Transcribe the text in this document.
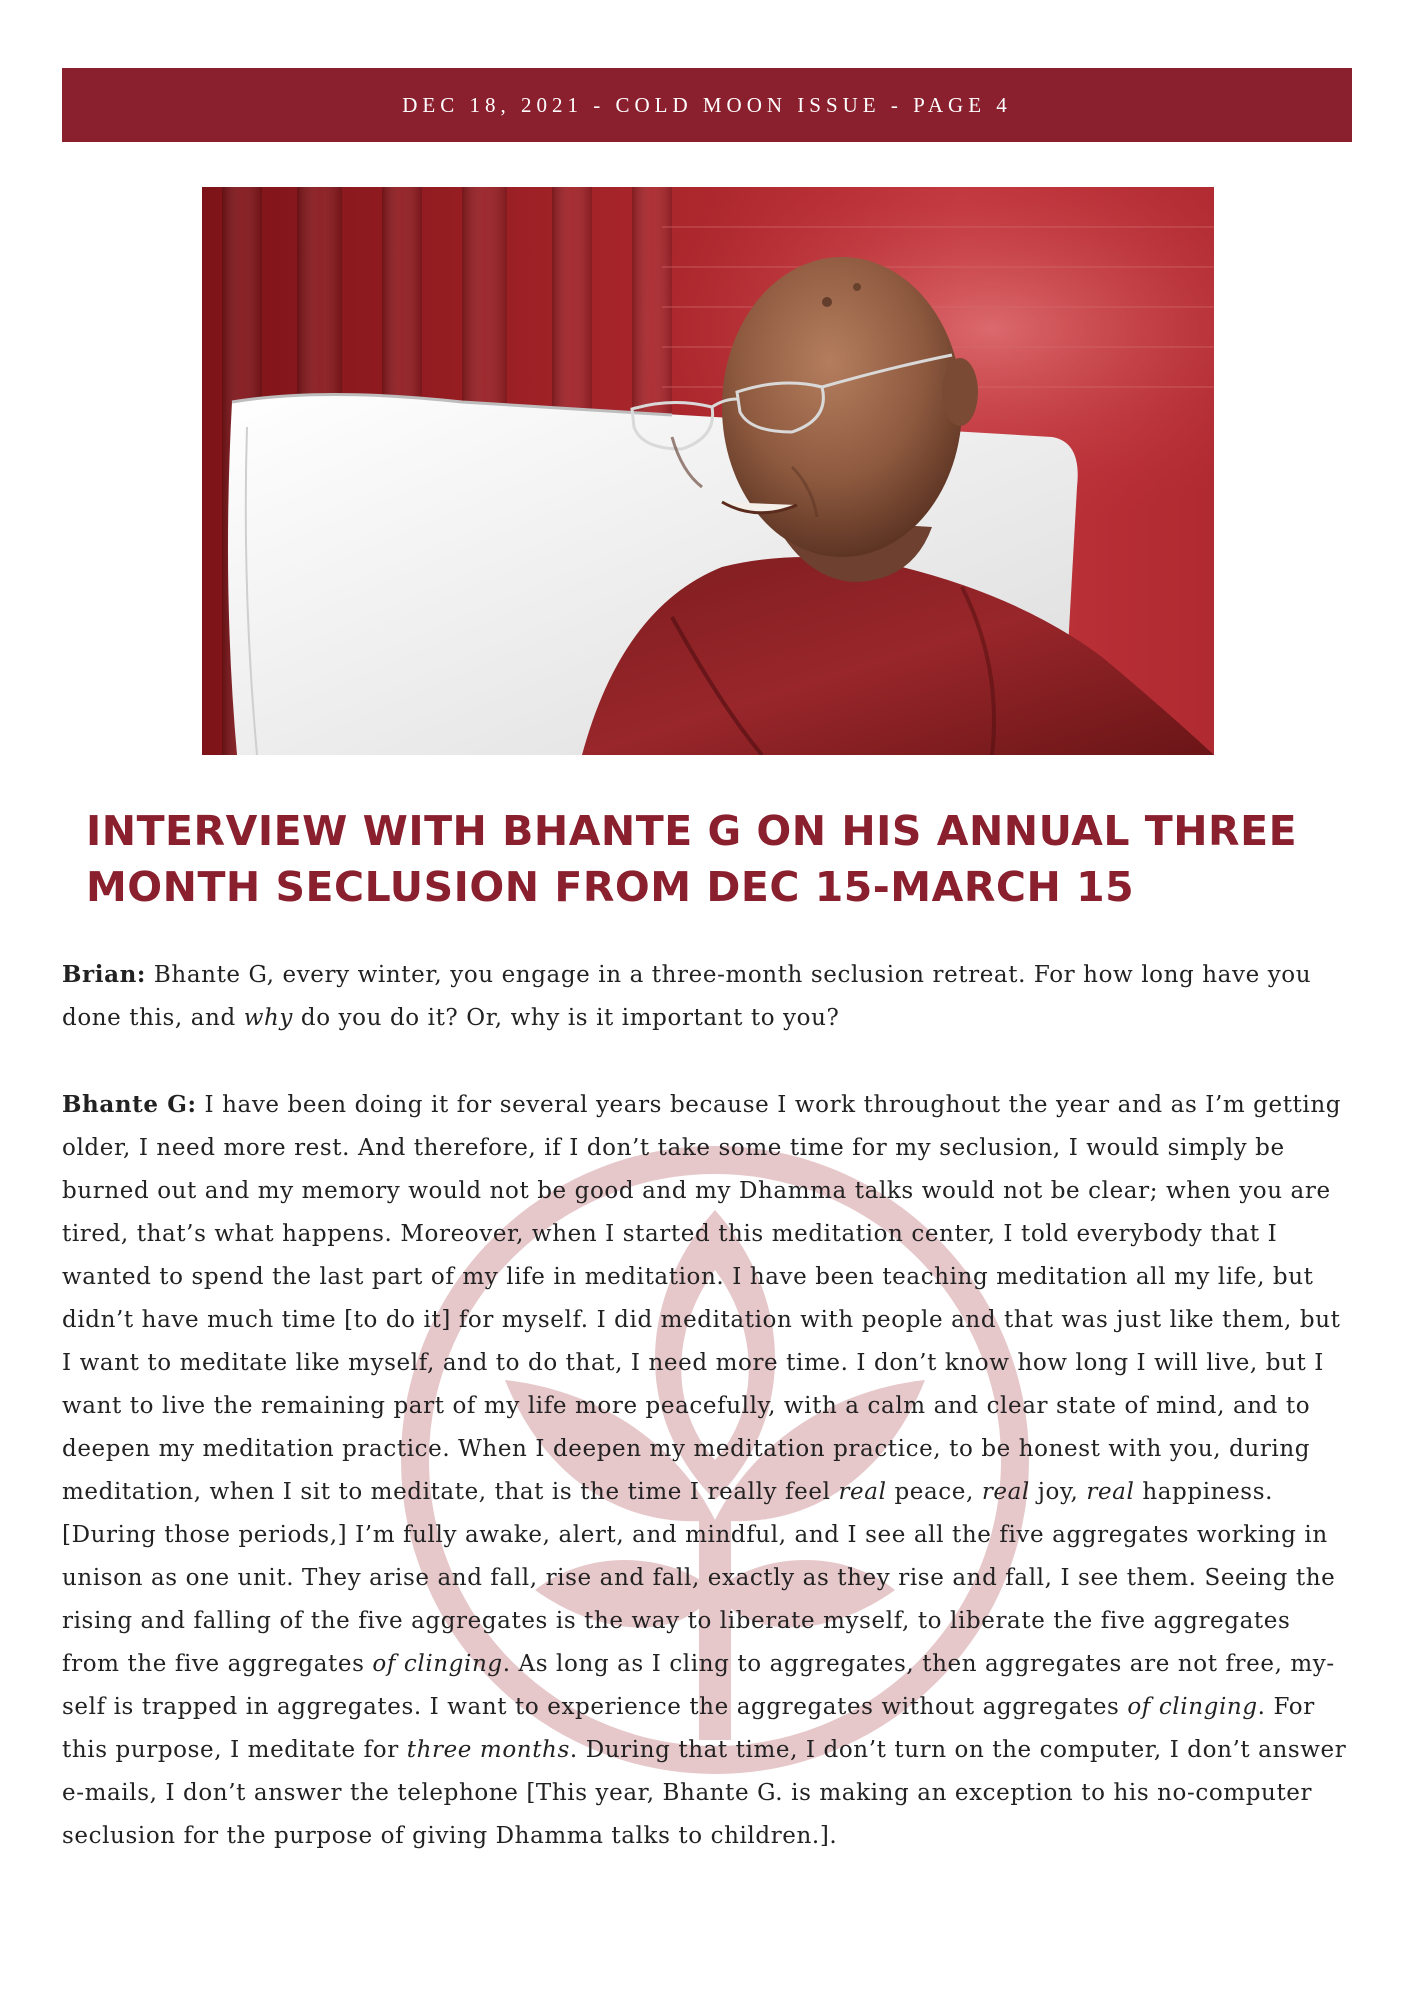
DEC 18, 2021 - COLD MOON ISSUE - PAGE 4
INTERVIEW WITH BHANTE G ON HIS ANNUAL THREE
MONTH SECLUSION FROM DEC 15-MARCH 15

Brian: Bhante G, every winter, you engage in a three-month seclusion retreat. For how long have you done this, and why do you do it? Or, why is it important to you?

Bhante G: I have been doing it for several years because I work throughout the year and as I’m getting older, I need more rest. And therefore, if I don’t take some time for my seclusion, I would simply be burned out and my memory would not be good and my Dhamma talks would not be clear; when you are tired, that’s what happens. Moreover, when I started this meditation center, I told everybody that I wanted to spend the last part of my life in meditation. I have been teaching meditation all my life, but didn’t have much time [to do it] for myself. I did meditation with people and that was just like them, but I want to meditate like myself, and to do that, I need more time. I don’t know how long I will live, but I want to live the remaining part of my life more peacefully, with a calm and clear state of mind, and to deepen my meditation practice. When I deepen my meditation practice, to be honest with you, during meditation, when I sit to meditate, that is the time I really feel real peace, real joy, real happiness. [During those periods,] I’m fully awake, alert, and mindful, and I see all the five aggregates working in unison as one unit. They arise and fall, rise and fall, exactly as they rise and fall, I see them. Seeing the rising and falling of the five aggregates is the way to liberate myself, to liberate the five aggregates from the five aggregates of clinging. As long as I cling to aggregates, then aggregates are not free, my-self is trapped in aggregates. I want to experience the aggregates without aggregates of clinging. For this purpose, I meditate for three months. During that time, I don’t turn on the computer, I don’t answer e-mails, I don’t answer the telephone [This year, Bhante G. is making an exception to his no-computer seclusion for the purpose of giving Dhamma talks to children.].
